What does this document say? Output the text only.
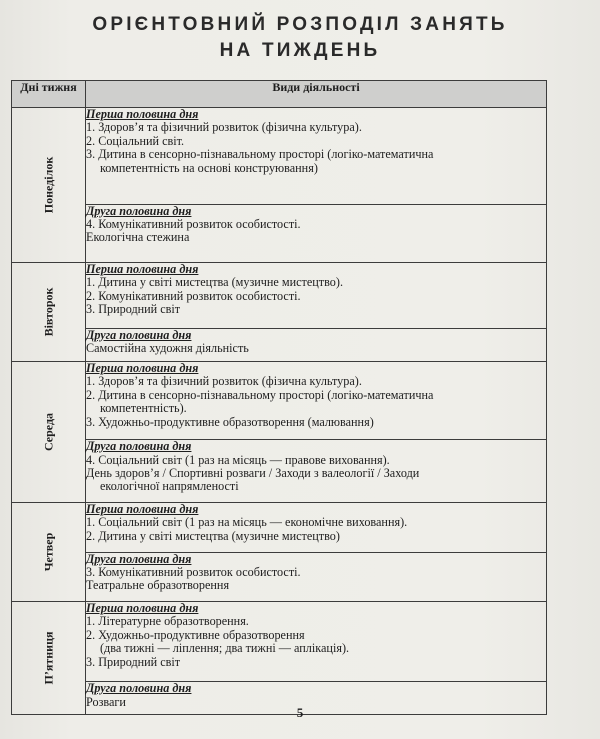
ОРІЄНТОВНИЙ РОЗПОДІЛ ЗАНЯТЬ
НА ТИЖДЕНЬ
Дні тижня	Види діяльності

Понеділок	Перша половина дня
1. Здоров’я та фізичний розвиток (фізична культура).
2. Соціальний світ.
3. Дитина в сенсорно-пізнавальному просторі (логіко-математична
компетентність на основі конструювання)

	Друга половина дня
4. Комунікативний розвиток особистості.
Екологічна стежина

Вівторок	Перша половина дня
1. Дитина у світі мистецтва (музичне мистецтво).
2. Комунікативний розвиток особистості.
3. Природний світ

	Друга половина дня
Самостійна художня діяльність

Середа	Перша половина дня
1. Здоров’я та фізичний розвиток (фізична культура).
2. Дитина в сенсорно-пізнавальному просторі (логіко-математична
компетентність).
3. Художньо-продуктивне образотворення (малювання)

	Друга половина дня
4. Соціальний світ (1 раз на місяць — правове виховання).
День здоров’я / Спортивні розваги / Заходи з валеології / Заходи
екологічної напрямленості

Четвер	Перша половина дня
1. Соціальний світ (1 раз на місяць — економічне виховання).
2. Дитина у світі мистецтва (музичне мистецтво)

	Друга половина дня
3. Комунікативний розвиток особистості.
Театральне образотворення

П’ятниця	Перша половина дня
1. Літературне образотворення.
2. Художньо-продуктивне образотворення
(два тижні — ліплення; два тижні — аплікація).
3. Природний світ

	Друга половина дня
Розваги
5
